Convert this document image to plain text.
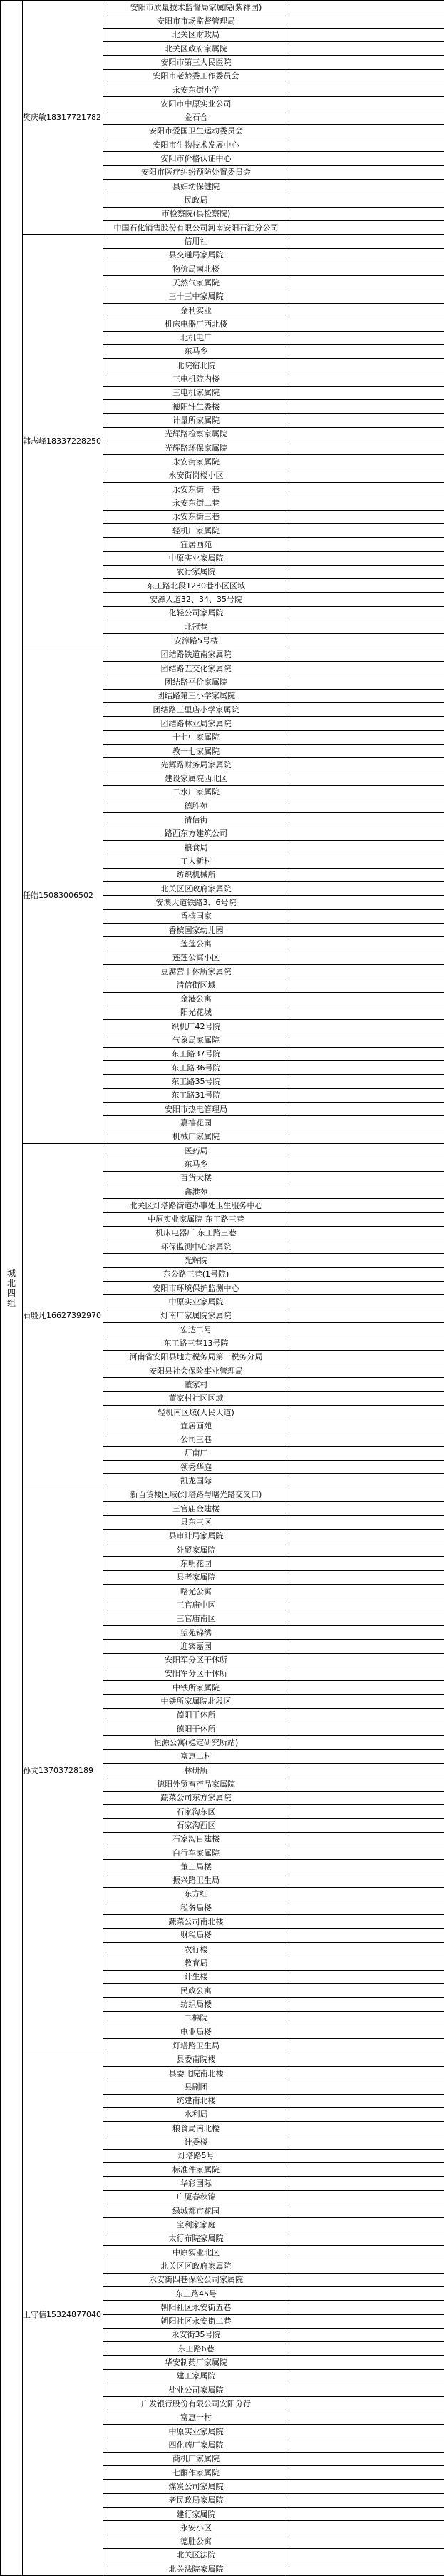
城北四组	樊庆敏18317721782	安阳市质量技术监督局家属院(紫祥园)	
		安阳市市场监督管理局	
		北关区财政局	
		北关区政府家属院	
		安阳市第三人民医院	
		安阳市老龄委工作委员会	
		永安东街小学	
		安阳市中原实业公司	
		金石合	
		安阳市爱国卫生运动委员会	
		安阳市生物技术发展中心	
		安阳市价格认证中心	
		安阳市医疗纠纷预防处置委员会	
		县妇幼保健院	
		民政局	
		市检察院(县检察院)	
		中国石化销售股份有限公司河南安阳石油分公司	
	韩志峰18337228250	信用社	
		县交通局家属院	
		物价局南北楼	
		天然气家属院	
		三十三中家属院	
		金利实业	
		机床电器厂西北楼	
		北机电厂	
		东马乡	
		北院宿北院	
		三电机院内楼	
		三电机家属院	
		德阳针生委楼	
		计量所家属院	
		光辉路检察家属院	
		光辉路环保家属院	
		永安街家属院	
		永安街岗楼小区	
		永安东街一巷	
		永安东街二巷	
		永安东街三巷	
		轻机厂家属院	
		宜居画苑	
		中原实业家属院	
		农行家属院	
		东工路北段1230巷小区区域	
		安漳大道32、34、35号院	
		化轻公司家属院	
		北冠巷	
		安漳路5号楼	
	任皓15083006502	团结路铁道南家属院	
		团结路五交化家属院	
		团结路平价家属院	
		团结路第三小学家属院	
		团结路三里店小学家属院	
		团结路林业局家属院	
		十七中家属院	
		教一七家属院	
		光辉路财务局家属院	
		建设家属院西北区	
		二水厂家属院	
		德胜苑	
		清信街	
		路西东方建筑公司	
		粮食局	
		工人新村	
		纺织机械所	
		北关区区政府家属院	
		安澳大道铁路3、6号院	
		香槟国家	
		香槟国家幼儿园	
		莲莲公寓	
		莲莲公寓小区	
		豆腐营干休所家属院	
		清信街区域	
		金港公寓	
		阳光花城	
		织机厂42号院	
		气象局家属院	
		东工路37号院	
		东工路36号院	
		东工路35号院	
		东工路31号院	
		安阳市热电管理局	
		嘉禧花园	
		机械厂家属院	
	石殷凡16627392970	医药局	
		东马乡	
		百货大楼	
		鑫港苑	
		北关区灯塔路街道办事处卫生服务中心	
		中原实业家属院 东工路三巷	
		机床电器厂 东工路三巷	
		环保监测中心家属院	
		光辉院	
		东公路三巷(1号院)	
		安阳市环境保护监测中心	
		中原实业家属院	
		灯南厂家属院家属院	
		宏达二号	
		东工路三巷13号院	
		河南省安阳县地方税务局第一税务分局	
		安阳县社会保险事业管理局	
		董家村	
		董家村社区区域	
		轻机南区域(人民大道)	
		宜居画苑	
		公司三巷	
		灯南厂	
		领秀华庭	
		凯龙国际	
	孙文13703728189	新百货楼区域(灯塔路与曙光路交叉口)	
		三官庙金建楼	
		县东三区	
		县审计局家属院	
		外贸家属院	
		东明花园	
		县老家属院	
		曙光公寓	
		三官庙中区	
		三官庙南区	
		望苑锦绣	
		迎宾嘉园	
		安阳军分区干休所	
		安阳军分区干休所	
		中铁所家属院	
		中铁所家属院北段区	
		德阳干休所	
		德阳干休所	
		恒源公寓(稳定研究所站)	
		富惠二村	
		林研所	
		德阳外贸畜产品家属院	
		蔬菜公司东方家属院	
		石家沟东区	
		石家沟西区	
		石家沟自建楼	
		白行车家属院	
		董工局楼	
		振兴路卫生局	
		东方红	
		税务局楼	
		蔬菜公司南北楼	
		财税局楼	
		农行楼	
		教育局	
		计生楼	
		民政公寓	
		纺织局楼	
		二棉院	
		电业局楼	
		灯塔路卫生局	
	王守信15324877040	县委南院楼	
		县委北院南北楼	
		县剧团	
		统建南北楼	
		水利局	
		粮食局南北楼	
		计委楼	
		灯塔路5号	
		标准件家属院	
		华彩国际	
		广厦春秋锦	
		绿城都市花园	
		宝利家家庭	
		太行布院家属院	
		中原实业北区	
		北关区区政府家属院	
		永安街四巷保险公司家属院	
		东工路45号	
		朝阳社区永安街五巷	
		朝阳社区永安街二巷	
		永安街35号院	
		东工路6巷	
		华安制药厂家属院	
		建工家属院	
		盐业公司家属院	
		广发银行股份有限公司安阳分行	
		富惠一村	
		中原实业家属院	
		四化药厂家属院	
		商机厂家属院	
		七酮作家属院	
		煤炭公司家属院	
		老民政局家属院	
		建行家属院	
		永安小区	
		德胜公寓	
		北关区法院	
		北关法院家属院	
